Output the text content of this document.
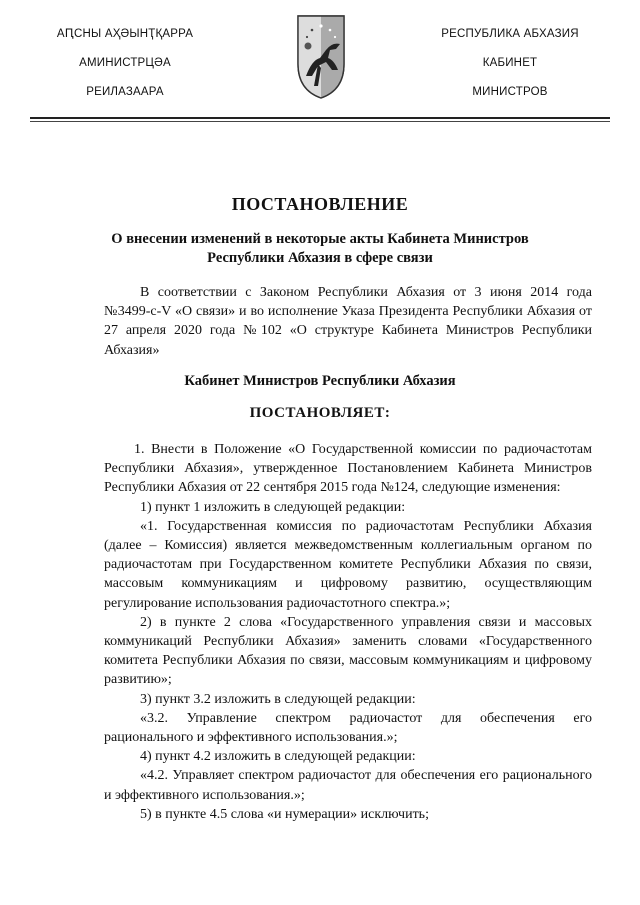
АԤСНЫ АҲӘЫНҬҚАРРА
АМИНИСТРЦӘА
РЕИЛАЗААРА
РЕСПУБЛИКА АБХАЗИЯ
КАБИНЕТ
МИНИСТРОВ
ПОСТАНОВЛЕНИЕ
О внесении изменений в некоторые акты Кабинета Министров
Республики Абхазия в сфере связи

В соответствии с Законом Республики Абхазия от 3 июня 2014 года №3499-с-V «О связи» и во исполнение Указа Президента Республики Абхазия от 27 апреля 2020 года №102 «О структуре Кабинета Министров Республики Абхазия»

Кабинет Министров Республики Абхазия
ПОСТАНОВЛЯЕТ:

1. Внести в Положение «О Государственной комиссии по радиочастотам Республики Абхазия», утвержденное Постановлением Кабинета Министров Республики Абхазия от 22 сентября 2015 года №124, следующие изменения:

1) пункт 1 изложить в следующей редакции:

«1. Государственная комиссия по радиочастотам Республики Абхазия (далее – Комиссия) является межведомственным коллегиальным органом по радиочастотам при Государственном комитете Республики Абхазия по связи, массовым коммуникациям и цифровому развитию, осуществляющим регулирование использования радиочастотного спектра.»;

2) в пункте 2 слова «Государственного управления связи и массовых коммуникаций Республики Абхазия» заменить словами «Государственного комитета Республики Абхазия по связи, массовым коммуникациям и цифровому развитию»;

3) пункт 3.2 изложить в следующей редакции:

«3.2. Управление спектром радиочастот для обеспечения его рационального и эффективного использования.»;

4) пункт 4.2 изложить в следующей редакции:

«4.2. Управляет спектром радиочастот для обеспечения его рационального и эффективного использования.»;

5) в пункте 4.5 слова «и нумерации» исключить;
